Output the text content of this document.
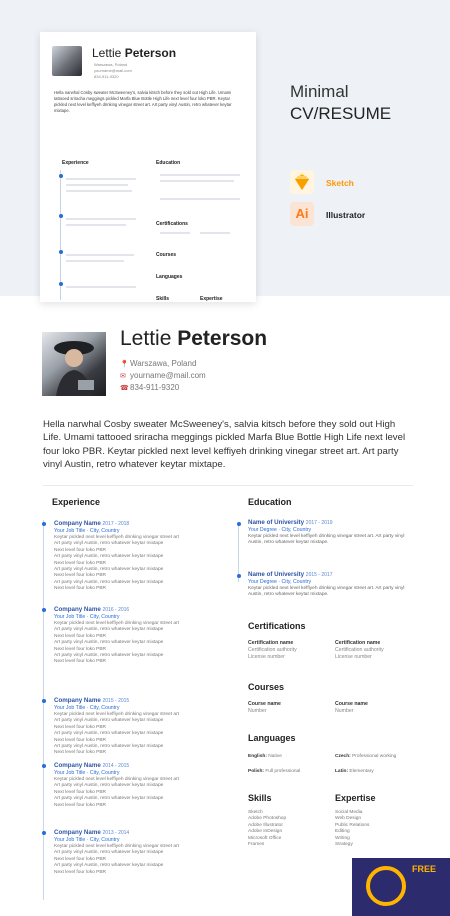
Lettie Peterson
Warszawa, Poland
yourname@mail.com
834-911-9320
Hella narwhal Cosby sweater McSweeney's, salvia kitsch before they sold out High Life. Umami tattooed sriracha meggings pickled Marfa Blue Bottle High Life next level four loko PBR. Keytar pickled next level keffiyeh drinking vinegar street art. Art party vinyl Austin, retro whatever keytar mixtape.
Experience	Education
Certifications
Courses
Languages
Skills	Expertise
Minimal
CV/RESUME
Sketch
Ai	Illustrator
Lettie Peterson
📍Warszawa, Poland
✉ yourname@mail.com
☎834-911-9320
Hella narwhal Cosby sweater McSweeney's, salvia kitsch before they sold out High Life. Umami tattooed sriracha meggings pickled Marfa Blue Bottle High Life next level four loko PBR. Keytar pickled next level keffiyeh drinking vinegar street art. Art party vinyl Austin, retro whatever keytar mixtape.
Experience
Company Name 2017 - 2018
Your Job Title · City, Country
Keytar pickled next level keffiyeh drinking vinegar street art
Art party vinyl Austin, retro whatever keytar mixtape
Next level four loko PBR
Art party vinyl Austin, retro whatever keytar mixtape
Next level four loko PBR
Art party vinyl Austin, retro whatever keytar mixtape
Next level four loko PBR
Art party vinyl Austin, retro whatever keytar mixtape
Next level four loko PBR
Company Name 2016 - 2016
Your Job Title · City, Country
Keytar pickled next level keffiyeh drinking vinegar street art
Art party vinyl Austin, retro whatever keytar mixtape
Next level four loko PBR
Art party vinyl Austin, retro whatever keytar mixtape
Next level four loko PBR
Art party vinyl Austin, retro whatever keytar mixtape
Next level four loko PBR
Company Name 2015 - 2015
Your Job Title · City, Country
Keytar pickled next level keffiyeh drinking vinegar street art
Art party vinyl Austin, retro whatever keytar mixtape
Next level four loko PBR
Art party vinyl Austin, retro whatever keytar mixtape
Next level four loko PBR
Art party vinyl Austin, retro whatever keytar mixtape
Next level four loko PBR
Company Name 2014 - 2015
Your Job Title · City, Country
Keytar pickled next level keffiyeh drinking vinegar street art
Art party vinyl Austin, retro whatever keytar mixtape
Next level four loko PBR
Art party vinyl Austin, retro whatever keytar mixtape
Next level four loko PBR
Company Name 2013 - 2014
Your Job Title · City, Country
Keytar pickled next level keffiyeh drinking vinegar street art
Art party vinyl Austin, retro whatever keytar mixtape
Next level four loko PBR
Art party vinyl Austin, retro whatever keytar mixtape
Next level four loko PBR
Education
Name of University 2017 - 2019
Your Degree · City, Country
Keytar pickled next level keffiyeh drinking vinegar street art. Art party vinyl Austin, retro whatever keytar mixtape.
Name of University 2015 - 2017
Your Degree · City, Country
Keytar pickled next level keffiyeh drinking vinegar street art. Art party vinyl Austin, retro whatever keytar mixtape.
Certifications
Certification name
Certification authority
License number
Certification name
Certification authority
License number
Courses
Course name
Number
Course name
Number
Languages
English: Native	Czech: Professional working
Polish: Full professional	Latin: Elementary
Skills
Sketch
Adobe Photoshop
Adobe Illustrator
Adobe InDesign
Microsoft Office
Frames
Expertise
Social Media
Web Design
Public Relations
Editing
Writing
Strategy
FREE
